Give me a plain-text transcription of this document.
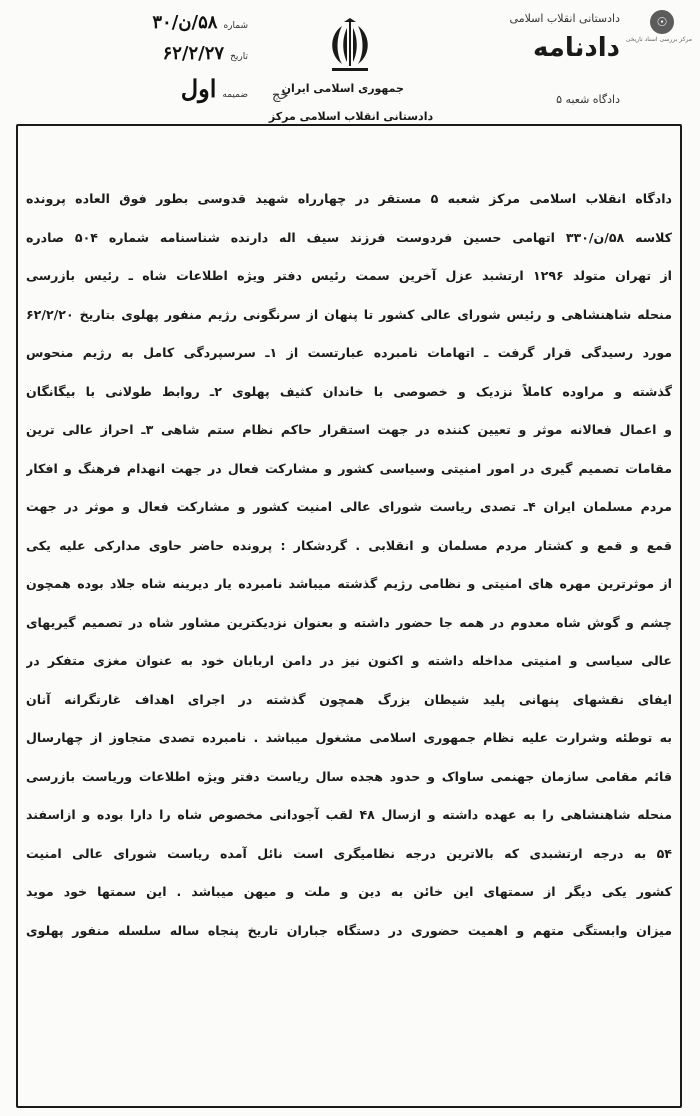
☉
مرکز بررسی اسناد تاریخی
شماره
۵۸/ن/۳۰
تاریخ
۶۲/۲/۲۷
ضمیمه
اول	جمهوری اسلامی ایران
دادستانی انقلاب اسلامی مرکز
دادستانی انقلاب اسلامی
دادنامه
دادگاه شعبه ۵
حج
دادگاه انقلاب اسلامی مرکز شعبه ۵ مستقر در چهارراه شهید قدوسی بطور فوق العاده پرونده
کلاسه ۵۸/ن/۳۳۰ اتهامی حسین فردوست فرزند سیف اله دارنده شناسنامه شماره ۵۰۴ صادره
از تهران متولد ۱۲۹۶ ارتشبد عزل آخرین سمت رئیس دفتر ویژه اطلاعات شاه ـ رئیس بازرسی
منحله شاهنشاهی و رئیس شورای عالی کشور تا پنهان از سرنگونی رژیم منفور پهلوی بتاریخ ۶۲/۲/۲۰
مورد رسیدگی قرار گرفت ـ اتهامات نامبرده عبارتست از ۱ـ سرسپردگی کامل به رژیم منحوس
گذشته و مراوده کاملاً نزدیک و خصوصی با خاندان کثیف پهلوی ۲ـ روابط طولانی با بیگانگان
و اعمال فعالانه موثر و تعیین کننده در جهت استقرار حاکم نظام ستم شاهی ۳ـ احراز عالی ترین
مقامات تصمیم گیری در امور امنیتی وسیاسی کشور و مشارکت فعال در جهت انهدام فرهنگ و افکار
مردم مسلمان ایران ۴ـ تصدی ریاست شورای عالی امنیت کشور و مشارکت فعال و موثر در جهت
قمع و قمع و کشتار مردم مسلمان و انقلابی . گردشکار : پرونده حاضر حاوی مدارکی علیه یکی
از موثرترین مهره های امنیتی و نظامی رژیم گذشته میباشد نامبرده یار دیرینه شاه جلاد بوده همچون
چشم و گوش شاه معدوم در همه جا حضور داشته و بعنوان نزدیکترین مشاور شاه در تصمیم گیریهای
عالی سیاسی و امنیتی مداخله داشته و اکنون نیز در دامن اربابان خود به عنوان مغزی متفکر در
ایفای نقشهای پنهانی پلید شیطان بزرگ همچون گذشته در اجرای اهداف غارتگرانه آنان
به توطئه وشرارت علیه نظام جمهوری اسلامی مشغول میباشد . نامبرده تصدی متجاوز از چهارسال
قائم مقامی سازمان جهنمی ساواک و حدود هجده سال ریاست دفتر ویژه اطلاعات وریاست بازرسی
منحله شاهنشاهی را به عهده داشته و ازسال ۴۸ لقب آجودانی مخصوص شاه را دارا بوده و ازاسفند
۵۴ به درجه ارتشبدی که بالاترین درجه نظامیگری است نائل آمده ریاست شورای عالی امنیت
کشور یکی دیگر از سمتهای این خائن به دین و ملت و میهن میباشد . این سمتها خود موید
میزان وابستگی متهم و اهمیت حضوری در دستگاه جباران تاریخ پنجاه ساله سلسله منفور پهلوی
